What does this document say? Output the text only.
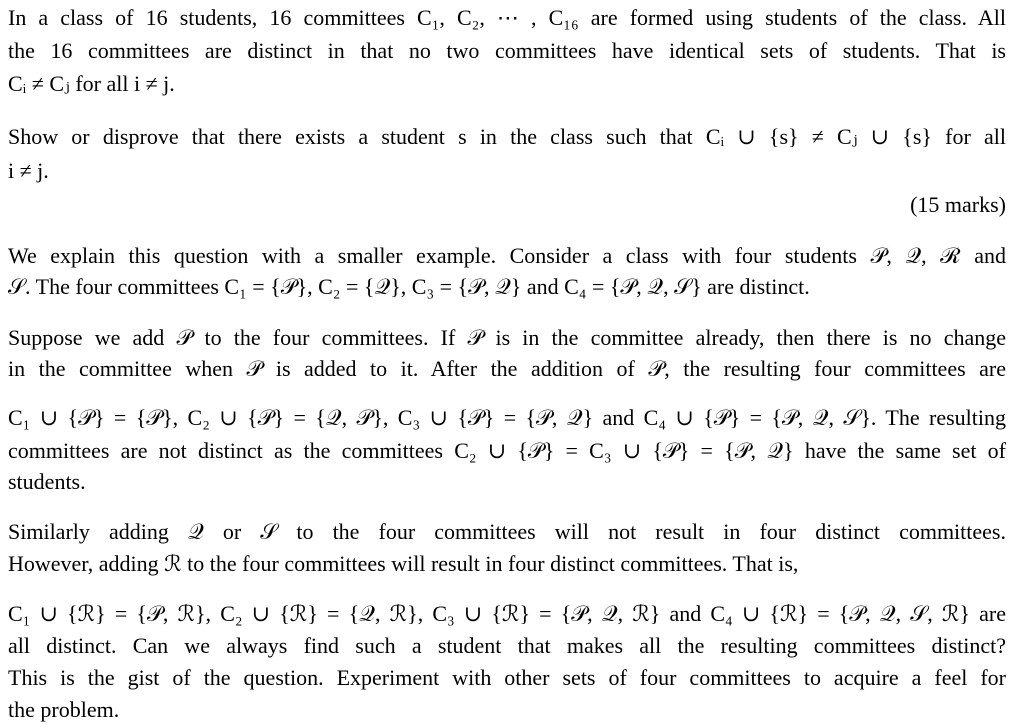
In a class of 16 students, 16 committees C₁, C₂, ⋯ , C₁₆ are formed using students of the class. All
the 16 committees are distinct in that no two committees have identical sets of students. That is
Cᵢ ≠ Cⱼ for all i ≠ j.
Show or disprove that there exists a student s in the class such that Cᵢ ∪ {s} ≠ Cⱼ ∪ {s} for all
i ≠ j.
(15 marks)
We explain this question with a smaller example. Consider a class with four students 𝒫, 𝒬, ℛ and
𝒮. The four committees C₁ = {𝒫}, C₂ = {𝒬}, C₃ = {𝒫, 𝒬} and C₄ = {𝒫, 𝒬, 𝒮} are distinct.
Suppose we add 𝒫 to the four committees. If 𝒫 is in the committee already, then there is no change
in the committee when 𝒫 is added to it. After the addition of 𝒫, the resulting four committees are
C₁ ∪ {𝒫} = {𝒫}, C₂ ∪ {𝒫} = {𝒬, 𝒫}, C₃ ∪ {𝒫} = {𝒫, 𝒬} and C₄ ∪ {𝒫} = {𝒫, 𝒬, 𝒮}. The resulting
committees are not distinct as the committees C₂ ∪ {𝒫} = C₃ ∪ {𝒫} = {𝒫, 𝒬} have the same set of
students.
Similarly adding 𝒬 or 𝒮 to the four committees will not result in four distinct committees.
However, adding ℛ to the four committees will result in four distinct committees. That is,
C₁ ∪ {ℛ} = {𝒫, ℛ}, C₂ ∪ {ℛ} = {𝒬, ℛ}, C₃ ∪ {ℛ} = {𝒫, 𝒬, ℛ} and C₄ ∪ {ℛ} = {𝒫, 𝒬, 𝒮, ℛ} are
all distinct. Can we always find such a student that makes all the resulting committees distinct?
This is the gist of the question. Experiment with other sets of four committees to acquire a feel for
the problem.
